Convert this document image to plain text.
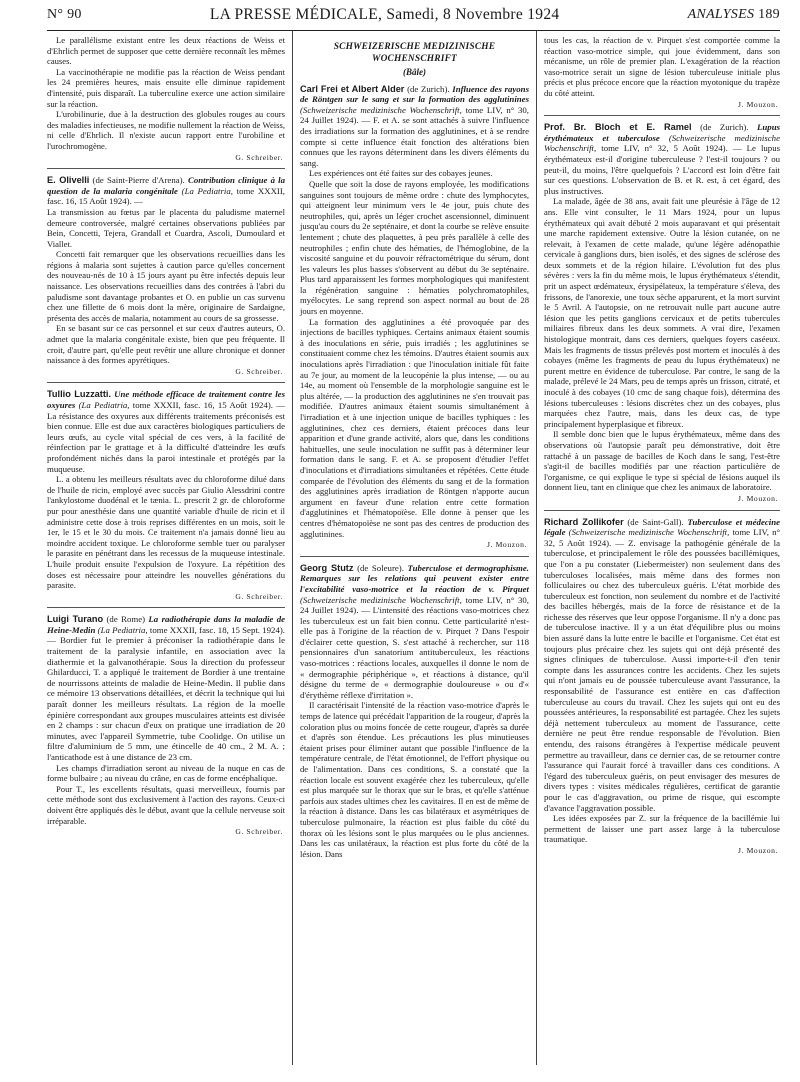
N° 90	LA PRESSE MÉDICALE, Samedi, 8 Novembre 1924	ANALYSES 189

Le parallélisme existant entre les deux réactions de Weiss et d'Ehrlich permet de supposer que cette dernière reconnaît les mêmes causes.

La vaccinothérapie ne modifie pas la réaction de Weiss pendant les 24 premières heures, mais ensuite elle diminue rapidement d'intensité, puis disparaît. La tuberculine exerce une action similaire sur la réaction.

L'urobilinurie, due à la destruction des globules rouges au cours des maladies infectieuses, ne modifie nullement la réaction de Weiss, ni celle d'Ehrlich. Il n'existe aucun rapport entre l'urobiline et l'urochromogène.

G. Schreiber.

E. Olivelli (de Saint-Pierre d'Arena). Contribution clinique à la question de la malaria congénitale (La Pediatria, tome XXXII, fasc. 16, 15 Août 1924). —

La transmission au fœtus par le placenta du paludisme maternel demeure controversée, malgré certaines observations publiées par Bein, Concetti, Tejera, Grandall et Cuardra, Ascoli, Dumoulard et Viallet.

Concetti fait remarquer que les observations recueillies dans les régions à malaria sont sujettes à caution parce qu'elles concernent des nouveau-nés de 10 à 15 jours ayant pu être infectés depuis leur naissance. Les observations recueillies dans des contrées à l'abri du paludisme sont davantage probantes et O. en publie un cas survenu chez une fillette de 6 mois dont la mère, originaire de Sardaigne, présenta des accès de malaria, notamment au cours de sa grossesse.

En se basant sur ce cas personnel et sur ceux d'autres auteurs, O. admet que la malaria congénitale existe, bien que peu fréquente. Il croit, d'autre part, qu'elle peut revêtir une allure chronique et donner naissance à des formes apyrétiques.

G. Schreiber.

Tullio Luzzatti. Une méthode efficace de traitement contre les oxyures (La Pediatria, tome XXXII, fasc. 16, 15 Août 1924). — La résistance des oxyures aux différents traitements préconisés est bien connue. Elle est due aux caractères biologiques particuliers de leurs œufs, au cycle vital spécial de ces vers, à la facilité de réinfection par le grattage et à la difficulté d'atteindre les œufs profondément nichés dans la paroi intestinale et protégés par la muqueuse.

L. a obtenu les meilleurs résultats avec du chloroforme dilué dans de l'huile de ricin, employé avec succès par Giulio Alessdrini contre l'ankylostome duodénal et le tænia. L. prescrit 2 gr. de chloroforme pur pour anesthésie dans une quantité variable d'huile de ricin et il administre cette dose à trois reprises différentes en un mois, soit le 1er, le 15 et le 30 du mois. Ce traitement n'a jamais donné lieu au moindre accident toxique. Le chloroforme semble tuer ou paralyser le parasite en pénétrant dans les recessus de la muqueuse intestinale. L'huile produit ensuite l'expulsion de l'oxyure. La répétition des doses est nécessaire pour atteindre les nouvelles générations du parasite.

G. Schreiber.

Luigi Turano (de Rome) La radiothérapie dans la maladie de Heine-Medin (La Pediatria, tome XXXII, fasc. 18, 15 Sept. 1924). — Bordier fut le premier à préconiser la radiothérapie dans le traitement de la paralysie infantile, en association avec la diathermie et la galvanothérapie. Sous la direction du professeur Ghilarducci, T. a appliqué le traitement de Bordier à une trentaine de nourrissons atteints de maladie de Heine-Medin. Il publie dans ce mémoire 13 observations détaillées, et décrit la technique qui lui paraît donner les meilleurs résultats. La région de la moelle épinière correspondant aux groupes musculaires atteints est divisée en 2 champs : sur chacun d'eux on pratique une irradiation de 20 minutes, avec l'appareil Symmetrie, tube Coolidge. On utilise un filtre d'aluminium de 5 mm, une étincelle de 40 cm., 2 M. A. ; l'anticathode est à une distance de 23 cm.

Les champs d'irradiation seront au niveau de la nuque en cas de forme bulbaire ; au niveau du crâne, en cas de forme encéphalique.

Pour T., les excellents résultats, quasi merveilleux, fournis par cette méthode sont dus exclusivement à l'action des rayons. Ceux-ci doivent être appliqués dès le début, avant que la cellule nerveuse soit irréparable.

G. Schreiber.
SCHWEIZERISCHE MEDIZINISCHE WOCHENSCHRIFT
(Bâle)

Carl Frei et Albert Alder (de Zurich). Influence des rayons de Röntgen sur le sang et sur la formation des agglutinines (Schweizerische medizinische Wochenschrift, tome LIV, n° 30, 24 Juillet 1924). — F. et A. se sont attachés à suivre l'influence des irradiations sur la formation des agglutinines, et à se rendre compte si cette influence était fonction des altérations bien connues que les rayons déterminent dans les divers éléments du sang.

Les expériences ont été faites sur des cobayes jeunes.

Quelle que soit la dose de rayons employée, les modifications sanguines sont toujours de même ordre : chute des lymphocytes, qui atteignent leur minimum vers le 4e jour, puis chute des neutrophiles, qui, après un léger crochet ascensionnel, diminuent jusqu'au cours du 2e septénaire, et dont la courbe se relève ensuite lentement ; chute des plaquettes, à peu près parallèle à celle des neutrophiles ; enfin chute des hématies, de l'hémoglobine, de la viscosité sanguine et du pouvoir réfractométrique du sérum, dont les valeurs les plus basses s'observent au début du 3e septénaire. Plus tard apparaissent les formes morphologiques qui manifestent la régénération sanguine : hématies polychromatophiles, myélocytes. Le sang reprend son aspect normal au bout de 28 jours en moyenne.

La formation des agglutinines a été provoquée par des injections de bacilles typhiques. Certains animaux étaient soumis à des inoculations en série, puis irradiés ; les agglutinines se constituaient comme chez les témoins. D'autres étaient soumis aux inoculations après l'irradiation : que l'inoculation initiale fût faite au 7e jour, au moment de la leucopénie la plus intense, — ou au 14e, au moment où l'ensemble de la morphologie sanguine est le plus altérée, — la production des agglutinines ne s'en trouvait pas modifiée. D'autres animaux étaient soumis simultanément à l'irradiation et à une injection unique de bacilles typhiques : les agglutinines, chez ces derniers, étaient précoces dans leur apparition et d'une grande activité, alors que, dans les conditions habituelles, une seule inoculation ne suffit pas à déterminer leur formation dans le sang. F. et A. se proposent d'étudier l'effet d'inoculations et d'irradiations simultanées et répétées. Cette étude comparée de l'évolution des éléments du sang et de la formation des agglutinines après irradiation de Röntgen n'apporte aucun argument en faveur d'une relation entre cette formation d'agglutinines et l'hématopoïèse. Elle donne à penser que les centres d'hématopoïèse ne sont pas des centres de production des agglutinines.

J. Mouzon.

Georg Stutz (de Soleure). Tuberculose et dermographisme. Remarques sur les relations qui peuvent exister entre l'excitabilité vaso-motrice et la réaction de v. Pirquet (Schweizerische medizinische Wochenschrift, tome LIV, n° 30, 24 Juillet 1924). — L'intensité des réactions vaso-motrices chez les tuberculeux est un fait bien connu. Cette particularité n'est-elle pas à l'origine de la réaction de v. Pirquet ? Dans l'espoir d'éclairer cette question, S. s'est attaché à rechercher, sur 118 pensionnaires d'un sanatorium antituberculeux, les réactions vaso-motrices : réactions locales, auxquelles il donne le nom de « dermographie périphérique », et réactions à distance, qu'il désigne du terme de « dermographie douloureuse » ou d'« d'érythème réflexe d'irritation ».

Il caractérisait l'intensité de la réaction vaso-motrice d'après le temps de latence qui précédait l'apparition de la rougeur, d'après la coloration plus ou moins foncée de cette rougeur, d'après sa durée et d'après son étendue. Les précautions les plus minutieuses étaient prises pour éliminer autant que possible l'influence de la température centrale, de l'état émotionnel, de l'effort physique ou de l'alimentation. Dans ces conditions, S. a constaté que la réaction locale est souvent exagérée chez les tuberculeux, qu'elle est plus marquée sur le thorax que sur le bras, et qu'elle s'atténue parfois aux stades ultimes chez les cavitaires. Il en est de même de la réaction à distance. Dans les cas bilatéraux et asymétriques de tuberculose pulmonaire, la réaction est plus faible du côté du thorax où les lésions sont le plus marquées ou le plus anciennes. Dans les cas unilatéraux, la réaction est plus forte du côté de la lésion. Dans

tous les cas, la réaction de v. Pirquet s'est comportée comme la réaction vaso-motrice simple, qui joue évidemment, dans son mécanisme, un rôle de premier plan. L'exagération de la réaction vaso-motrice serait un signe de lésion tuberculeuse initiale plus précis et plus précoce encore que la réaction myotonique du trapèze du côté atteint.

J. Mouzon.

Prof. Br. Bloch et E. Ramel (de Zurich). Lupus érythémateux et tuberculose (Schweizerische medizinische Wochenschrift, tome LIV, n° 32, 5 Août 1924). — Le lupus érythémateux est-il d'origine tuberculeuse ? l'est-il toujours ? ou peut-il, du moins, l'être quelquefois ? L'accord est loin d'être fait sur ces questions. L'observation de B. et R. est, à cet égard, des plus instructives.

La malade, âgée de 38 ans, avait fait une pleurésie à l'âge de 12 ans. Elle vint consulter, le 11 Mars 1924, pour un lupus érythémateux qui avait débuté 2 mois auparavant et qui présentait une marche rapidement extensive. Outre la lésion cutanée, on ne relevait, à l'examen de cette malade, qu'une légère adénopathie cervicale à ganglions durs, bien isolés, et des signes de sclérose des deux sommets et de la région hilaire. L'évolution fut des plus sévères : vers la fin du même mois, le lupus érythémateux s'étendit, prit un aspect œdémateux, érysipélateux, la température s'éleva, des frissons, de l'anorexie, une toux sèche apparurent, et la mort survint le 5 Avril. A l'autopsie, on ne retrouvait nulle part aucune autre lésion que les petits ganglions cervicaux et de petits tubercules miliaires fibreux dans les deux sommets. A vrai dire, l'examen histologique montrait, dans ces derniers, quelques foyers caséeux. Mais les fragments de tissus prélevés post mortem et inoculés à des cobayes (même les fragments de peau du lupus érythémateux) ne purent mettre en évidence de tuberculose. Par contre, le sang de la malade, prélevé le 24 Mars, peu de temps après un frisson, citraté, et inoculé à des cobayes (10 cmc de sang chaque fois), détermina des lésions tuberculeuses : lésions discrètes chez un des cobayes, plus marquées chez l'autre, mais, dans les deux cas, de type principalement hyperplasique et fibreux.

Il semble donc bien que le lupus érythémateux, même dans des observations où l'autopsie paraît peu démonstrative, doit être rattaché à un passage de bacilles de Koch dans le sang, l'est-être s'agit-il de bacilles modifiés par une réaction particulière de l'organisme, ce qui explique le type si spécial de lésions auquel ils donnent lieu, tant en clinique que chez les animaux de laboratoire.

J. Mouzon.

Richard Zollikofer (de Saint-Gall). Tuberculose et médecine légale (Schweizerische medizinische Wochenschrift, tome LIV, n° 32, 5 Août 1924). — Z. envisage la pathogénie générale de la tuberculose, et principalement le rôle des poussées bacillémiques, que l'on a pu constater (Liebermeister) non seulement dans des tuberculoses localisées, mais même dans des formes non folliculaires ou chez des tuberculeux guéris. L'état morbide des tuberculeux est fonction, non seulement du nombre et de l'activité des bacilles hébergés, mais de la force de résistance et de la richesse des réserves que leur oppose l'organisme. Il n'y a donc pas de tuberculose inactive. Il y a un état d'équilibre plus ou moins bien assuré dans la lutte entre le bacille et l'organisme. Cet état est toujours plus précaire chez les sujets qui ont déjà présenté des signes cliniques de tuberculose. Aussi importe-t-il d'en tenir compte dans les assurances contre les accidents. Chez les sujets qui n'ont jamais eu de poussée tuberculeuse avant l'assurance, la responsabilité de l'assurance est entière en cas d'affection tuberculeuse au cours du travail. Chez les sujets qui ont eu des poussées antérieures, la responsabilité est partagée. Chez les sujets déjà nettement tuberculeux au moment de l'assurance, cette dernière ne peut être rendue responsable de l'évolution. Bien entendu, des raisons étrangères à l'expertise médicale peuvent permettre au travailleur, dans ce dernier cas, de se retourner contre l'assurance qui l'aurait forcé à travailler dans ces conditions. A l'égard des tuberculeux guéris, on peut envisager des mesures de divers types : visites médicales régulières, certificat de garantie pour le cas d'aggravation, ou prime de risque, qui escompte d'avance l'aggravation possible.

Les idées exposées par Z. sur la fréquence de la bacillémie lui permettent de laisser une part assez large à la tuberculose traumatique.

J. Mouzon.
